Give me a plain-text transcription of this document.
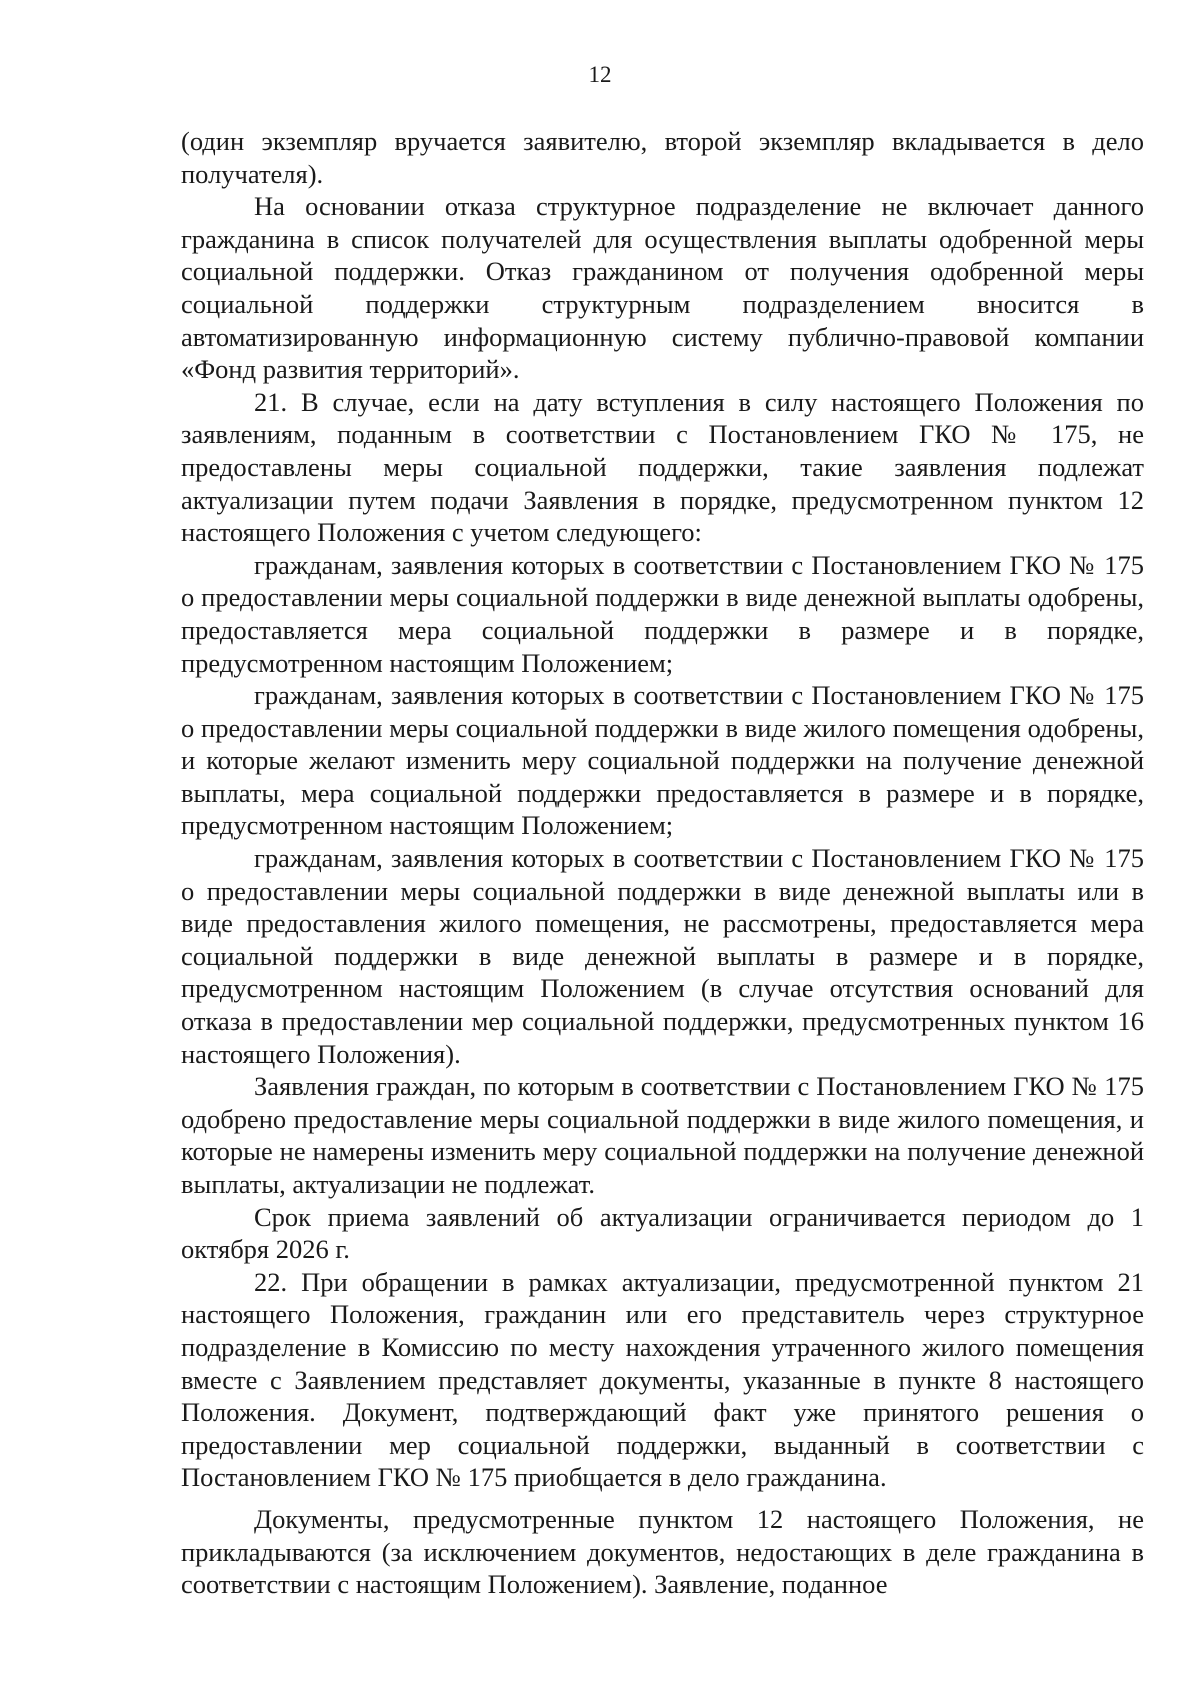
12

(один экземпляр вручается заявителю, второй экземпляр вкладывается в дело получателя).

На основании отказа структурное подразделение не включает данного гражданина в список получателей для осуществления выплаты одобренной меры социальной поддержки. Отказ гражданином от получения одобренной меры социальной поддержки структурным подразделением вносится в автоматизированную информационную систему публично-правовой компании «Фонд развития территорий».

21. В случае, если на дату вступления в силу настоящего Положения по заявлениям, поданным в соответствии с Постановлением ГКО № 175, не предоставлены меры социальной поддержки, такие заявления подлежат актуализации путем подачи Заявления в порядке, предусмотренном пунктом 12 настоящего Положения с учетом следующего:

гражданам, заявления которых в соответствии с Постановлением ГКО № 175 о предоставлении меры социальной поддержки в виде денежной выплаты одобрены, предоставляется мера социальной поддержки в размере и в порядке, предусмотренном настоящим Положением;

гражданам, заявления которых в соответствии с Постановлением ГКО № 175 о предоставлении меры социальной поддержки в виде жилого помещения одобрены, и которые желают изменить меру социальной поддержки на получение денежной выплаты, мера социальной поддержки предоставляется в размере и в порядке, предусмотренном настоящим Положением;

гражданам, заявления которых в соответствии с Постановлением ГКО № 175 о предоставлении меры социальной поддержки в виде денежной выплаты или в виде предоставления жилого помещения, не рассмотрены, предоставляется мера социальной поддержки в виде денежной выплаты в размере и в порядке, предусмотренном настоящим Положением (в случае отсутствия оснований для отказа в предоставлении мер социальной поддержки, предусмотренных пунктом 16 настоящего Положения).

Заявления граждан, по которым в соответствии с Постановлением ГКО № 175 одобрено предоставление меры социальной поддержки в виде жилого помещения, и которые не намерены изменить меру социальной поддержки на получение денежной выплаты, актуализации не подлежат.

Срок приема заявлений об актуализации ограничивается периодом до 1 октября 2026 г.

22. При обращении в рамках актуализации, предусмотренной пунктом 21 настоящего Положения, гражданин или его представитель через структурное подразделение в Комиссию по месту нахождения утраченного жилого помещения вместе с Заявлением представляет документы, указанные в пункте 8 настоящего Положения. Документ, подтверждающий факт уже принятого решения о предоставлении мер социальной поддержки, выданный в соответствии с Постановлением ГКО № 175 приобщается в дело гражданина.

Документы, предусмотренные пунктом 12 настоящего Положения, не прикладываются (за исключением документов, недостающих в деле гражданина в соответствии с настоящим Положением). Заявление, поданное
